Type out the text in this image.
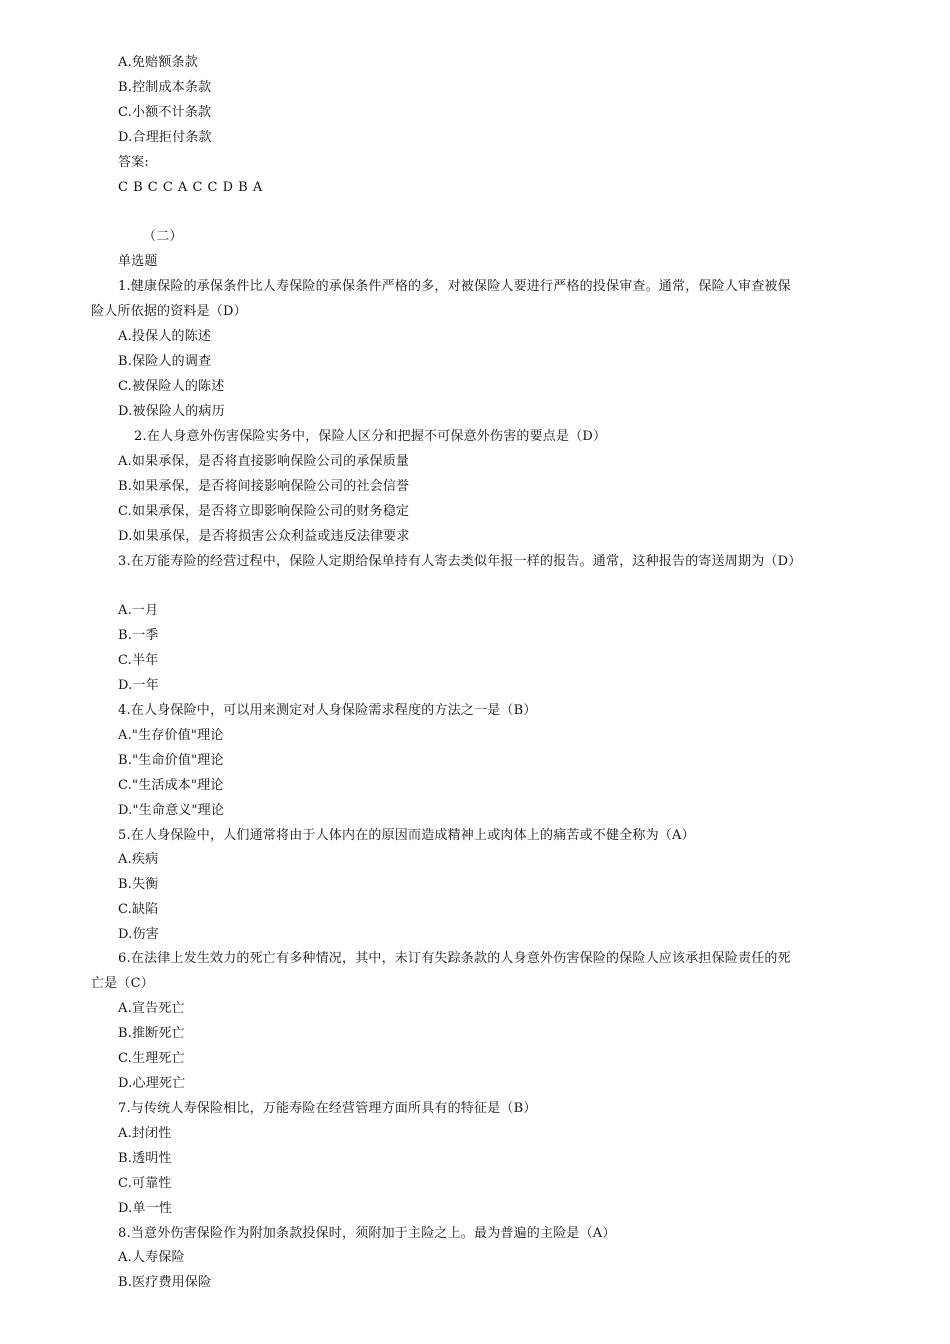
A.免赔额条款
B.控制成本条款
C.小额不计条款
D.合理拒付条款
答案:
C B C C A C C D B A
（二）
单选题
1.健康保险的承保条件比人寿保险的承保条件严格的多，对被保险人要进行严格的投保审查。通常，保险人审查被保
险人所依据的资料是（D）
A.投保人的陈述
B.保险人的调查
C.被保险人的陈述
D.被保险人的病历
2.在人身意外伤害保险实务中，保险人区分和把握不可保意外伤害的要点是（D）
A.如果承保，是否将直接影响保险公司的承保质量
B.如果承保，是否将间接影响保险公司的社会信誉
C.如果承保，是否将立即影响保险公司的财务稳定
D.如果承保，是否将损害公众利益或违反法律要求
3.在万能寿险的经营过程中，保险人定期给保单持有人寄去类似年报一样的报告。通常，这种报告的寄送周期为（D）
A.一月
B.一季
C.半年
D.一年
4.在人身保险中，可以用来测定对人身保险需求程度的方法之一是（B）
A."生存价值"理论
B."生命价值"理论
C."生活成本"理论
D."生命意义"理论
5.在人身保险中，人们通常将由于人体内在的原因而造成精神上或肉体上的痛苦或不健全称为（A）
A.疾病
B.失衡
C.缺陷
D.伤害
6.在法律上发生效力的死亡有多种情况，其中，未订有失踪条款的人身意外伤害保险的保险人应该承担保险责任的死
亡是（C）
A.宣告死亡
B.推断死亡
C.生理死亡
D.心理死亡
7.与传统人寿保险相比，万能寿险在经营管理方面所具有的特征是（B）
A.封闭性
B.透明性
C.可靠性
D.单一性
8.当意外伤害保险作为附加条款投保时，须附加于主险之上。最为普遍的主险是（A）
A.人寿保险
B.医疗费用保险
